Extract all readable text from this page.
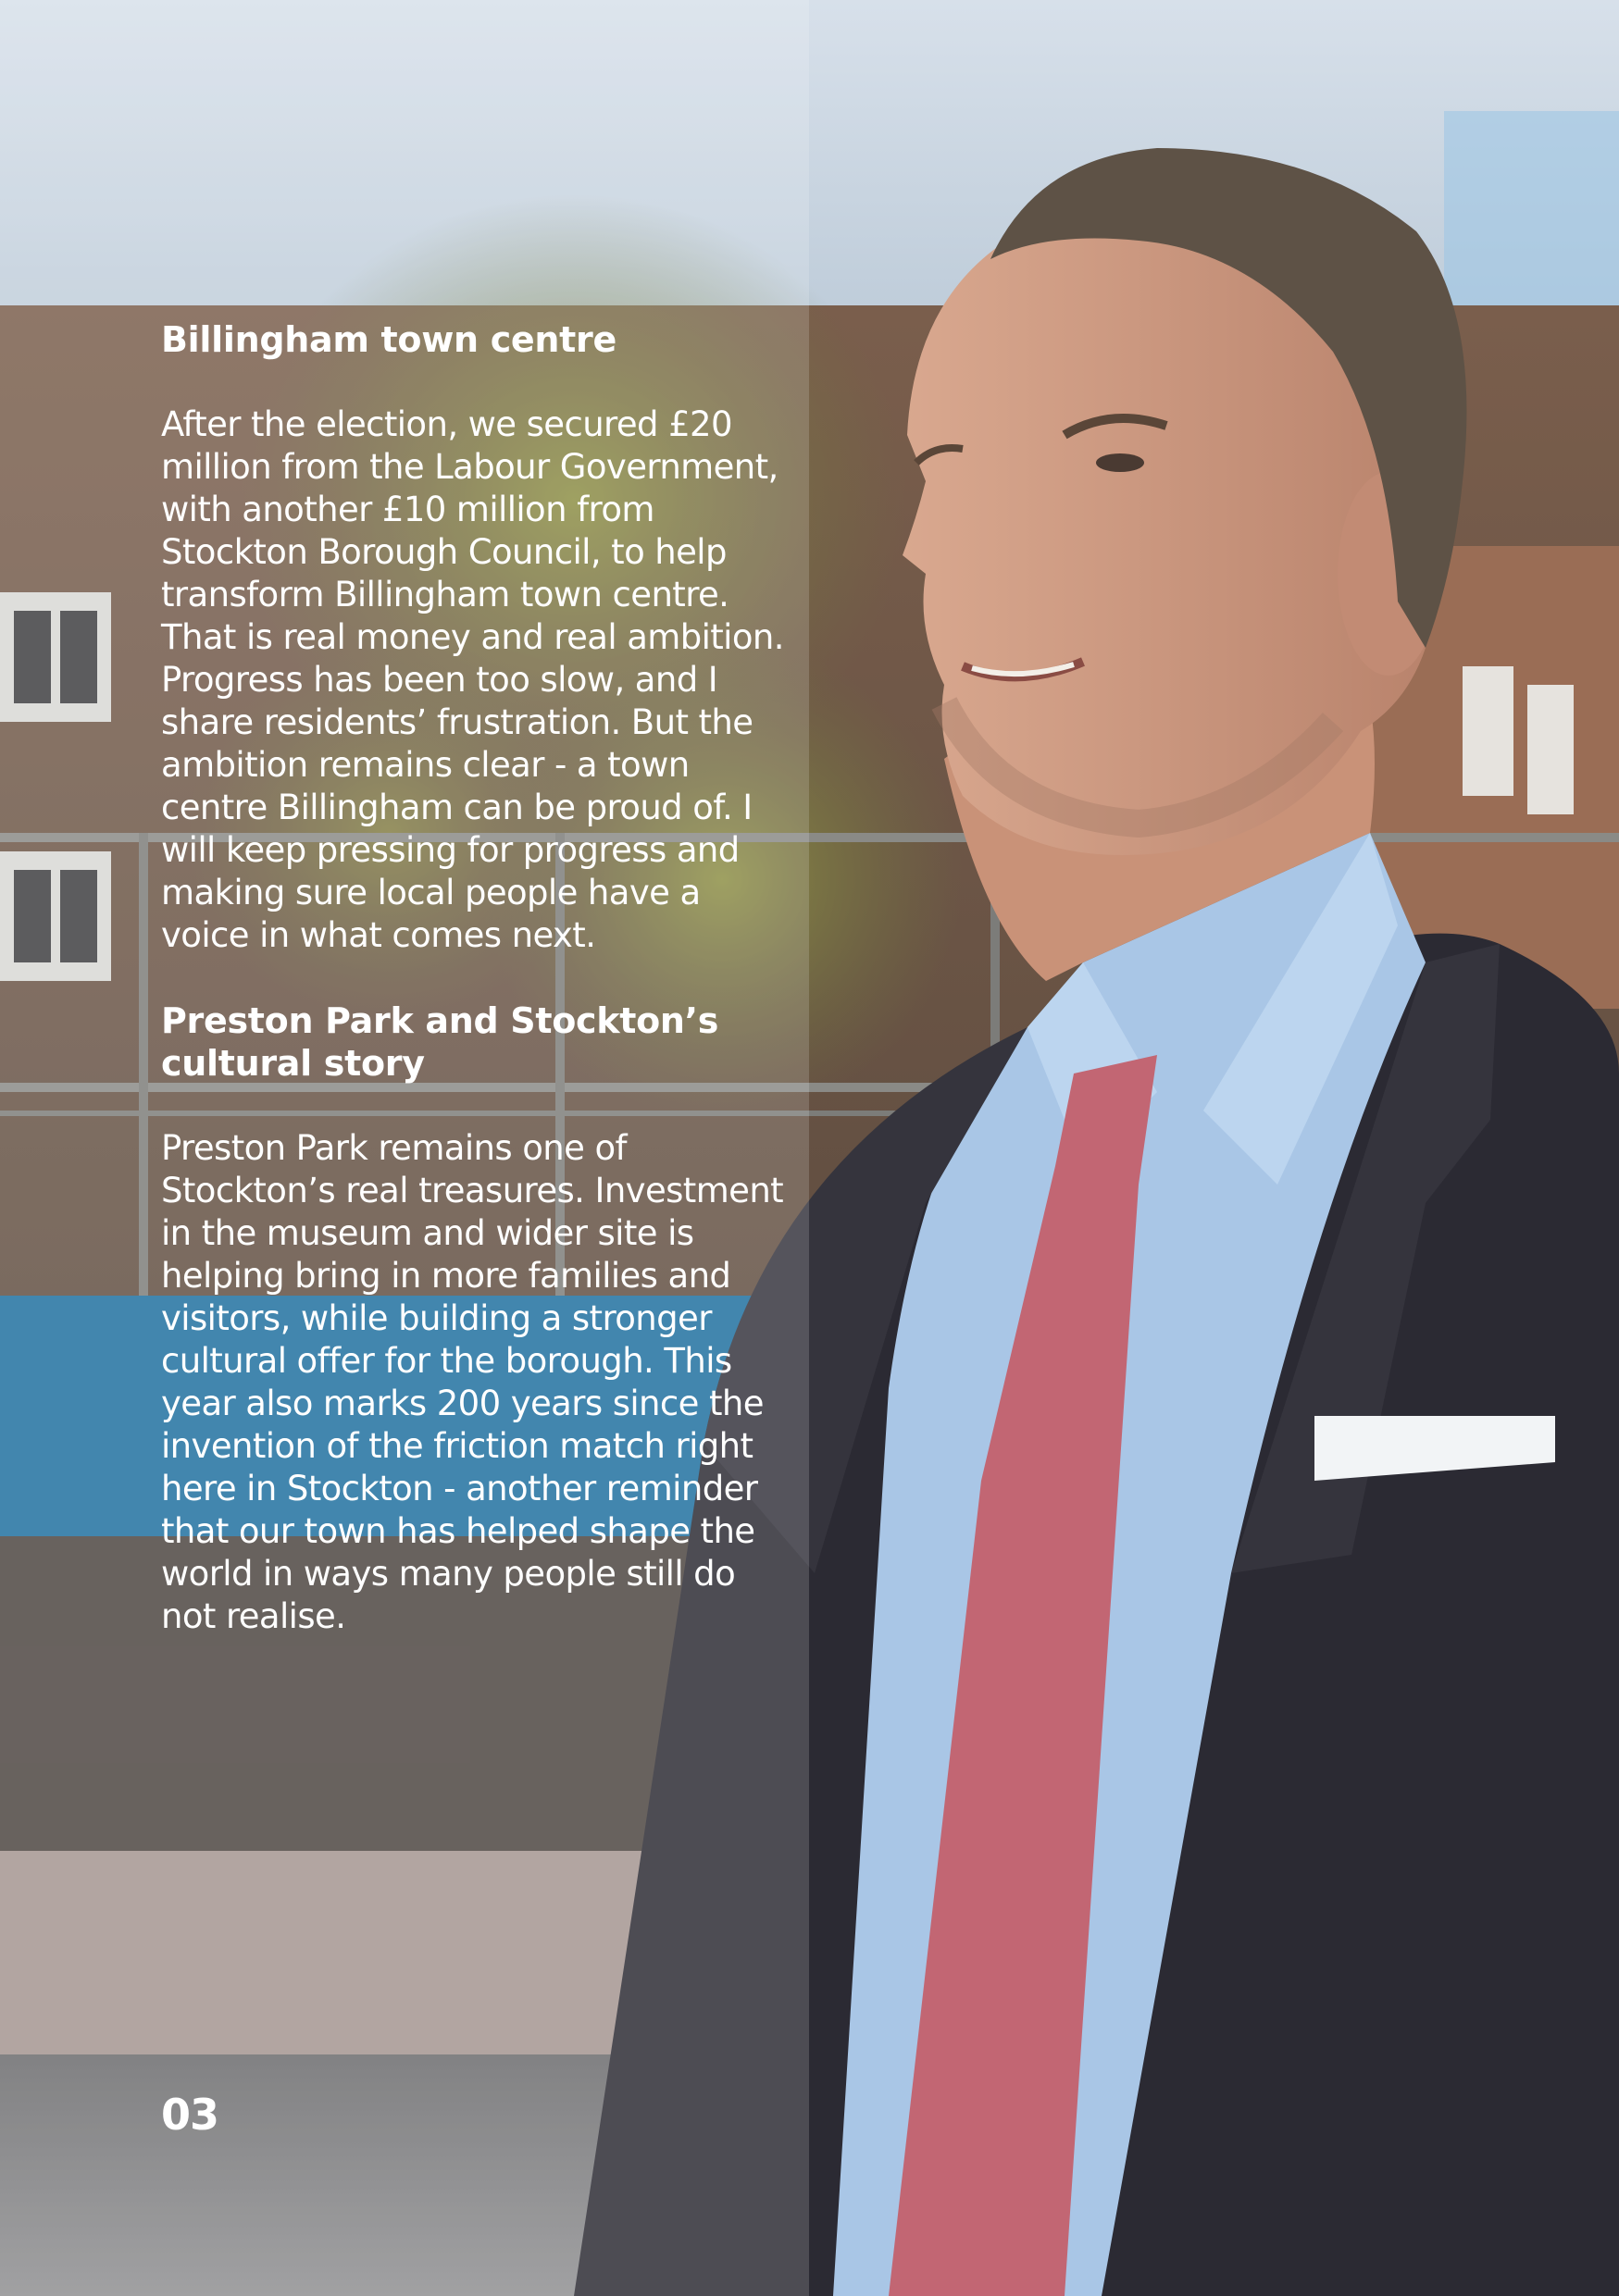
Billingham town centre

After the election, we secured £20 million from the Labour Government, with another £10 million from Stockton Borough Council, to help transform Billingham town centre. That is real money and real ambition. Progress has been too slow, and I share residents’ frustration. But the ambition remains clear - a town centre Billingham can be proud of. I will keep pressing for progress and making sure local people have a voice in what comes next.

Preston Park and Stockton’s cultural story

Preston Park remains one of Stockton’s real treasures. Investment in the museum and wider site is helping bring in more families and visitors, while building a stronger cultural offer for the borough. This year also marks 200 years since the invention of the friction match right here in Stockton - another reminder that our town has helped shape the world in ways many people still do not realise.

03
